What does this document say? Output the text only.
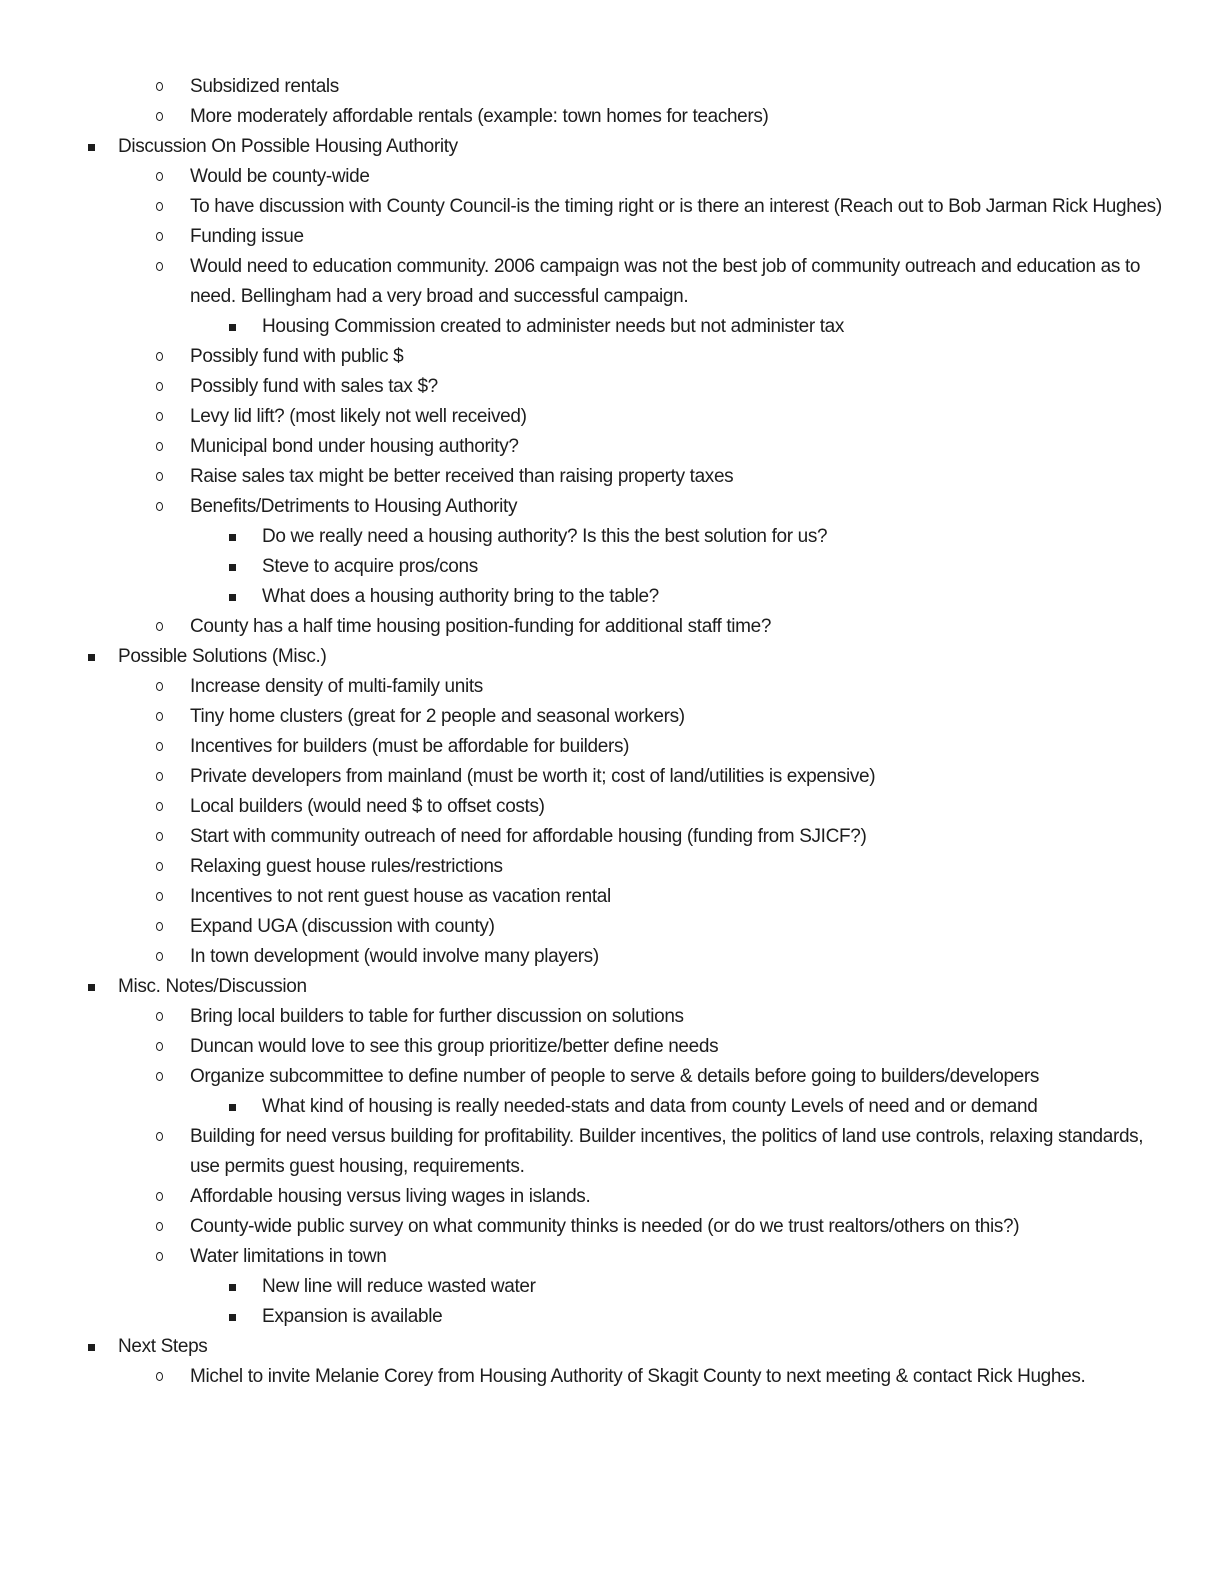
Subsidized rentals
More moderately affordable rentals (example: town homes for teachers)
Discussion On Possible Housing Authority
Would be county-wide
To have discussion with County Council-is the timing right or is there an interest (Reach out to Bob Jarman Rick Hughes)
Funding issue
Would need to education community. 2006 campaign was not the best job of community outreach and education as to need. Bellingham had a very broad and successful campaign.
Housing Commission created to administer needs but not administer tax
Possibly fund with public $
Possibly fund with sales tax $?
Levy lid lift? (most likely not well received)
Municipal bond under housing authority?
Raise sales tax might be better received than raising property taxes
Benefits/Detriments to Housing Authority
Do we really need a housing authority? Is this the best solution for us?
Steve to acquire pros/cons
What does a housing authority bring to the table?
County has a half time housing position-funding for additional staff time?
Possible Solutions (Misc.)
Increase density of multi-family units
Tiny home clusters (great for 2 people and seasonal workers)
Incentives for builders (must be affordable for builders)
Private developers from mainland (must be worth it; cost of land/utilities is expensive)
Local builders (would need $ to offset costs)
Start with community outreach of need for affordable housing (funding from SJICF?)
Relaxing guest house rules/restrictions
Incentives to not rent guest house as vacation rental
Expand UGA (discussion with county)
In town development (would involve many players)
Misc. Notes/Discussion
Bring local builders to table for further discussion on solutions
Duncan would love to see this group prioritize/better define needs
Organize subcommittee to define number of people to serve & details before going to builders/developers
What kind of housing is really needed-stats and data from county Levels of need and or demand
Building for need versus building for profitability. Builder incentives, the politics of land use controls, relaxing standards, use permits guest housing, requirements.
Affordable housing versus living wages in islands.
County-wide public survey on what community thinks is needed (or do we trust realtors/others on this?)
Water limitations in town
New line will reduce wasted water
Expansion is available
Next Steps
Michel to invite Melanie Corey from Housing Authority of Skagit County to next meeting & contact Rick Hughes.
